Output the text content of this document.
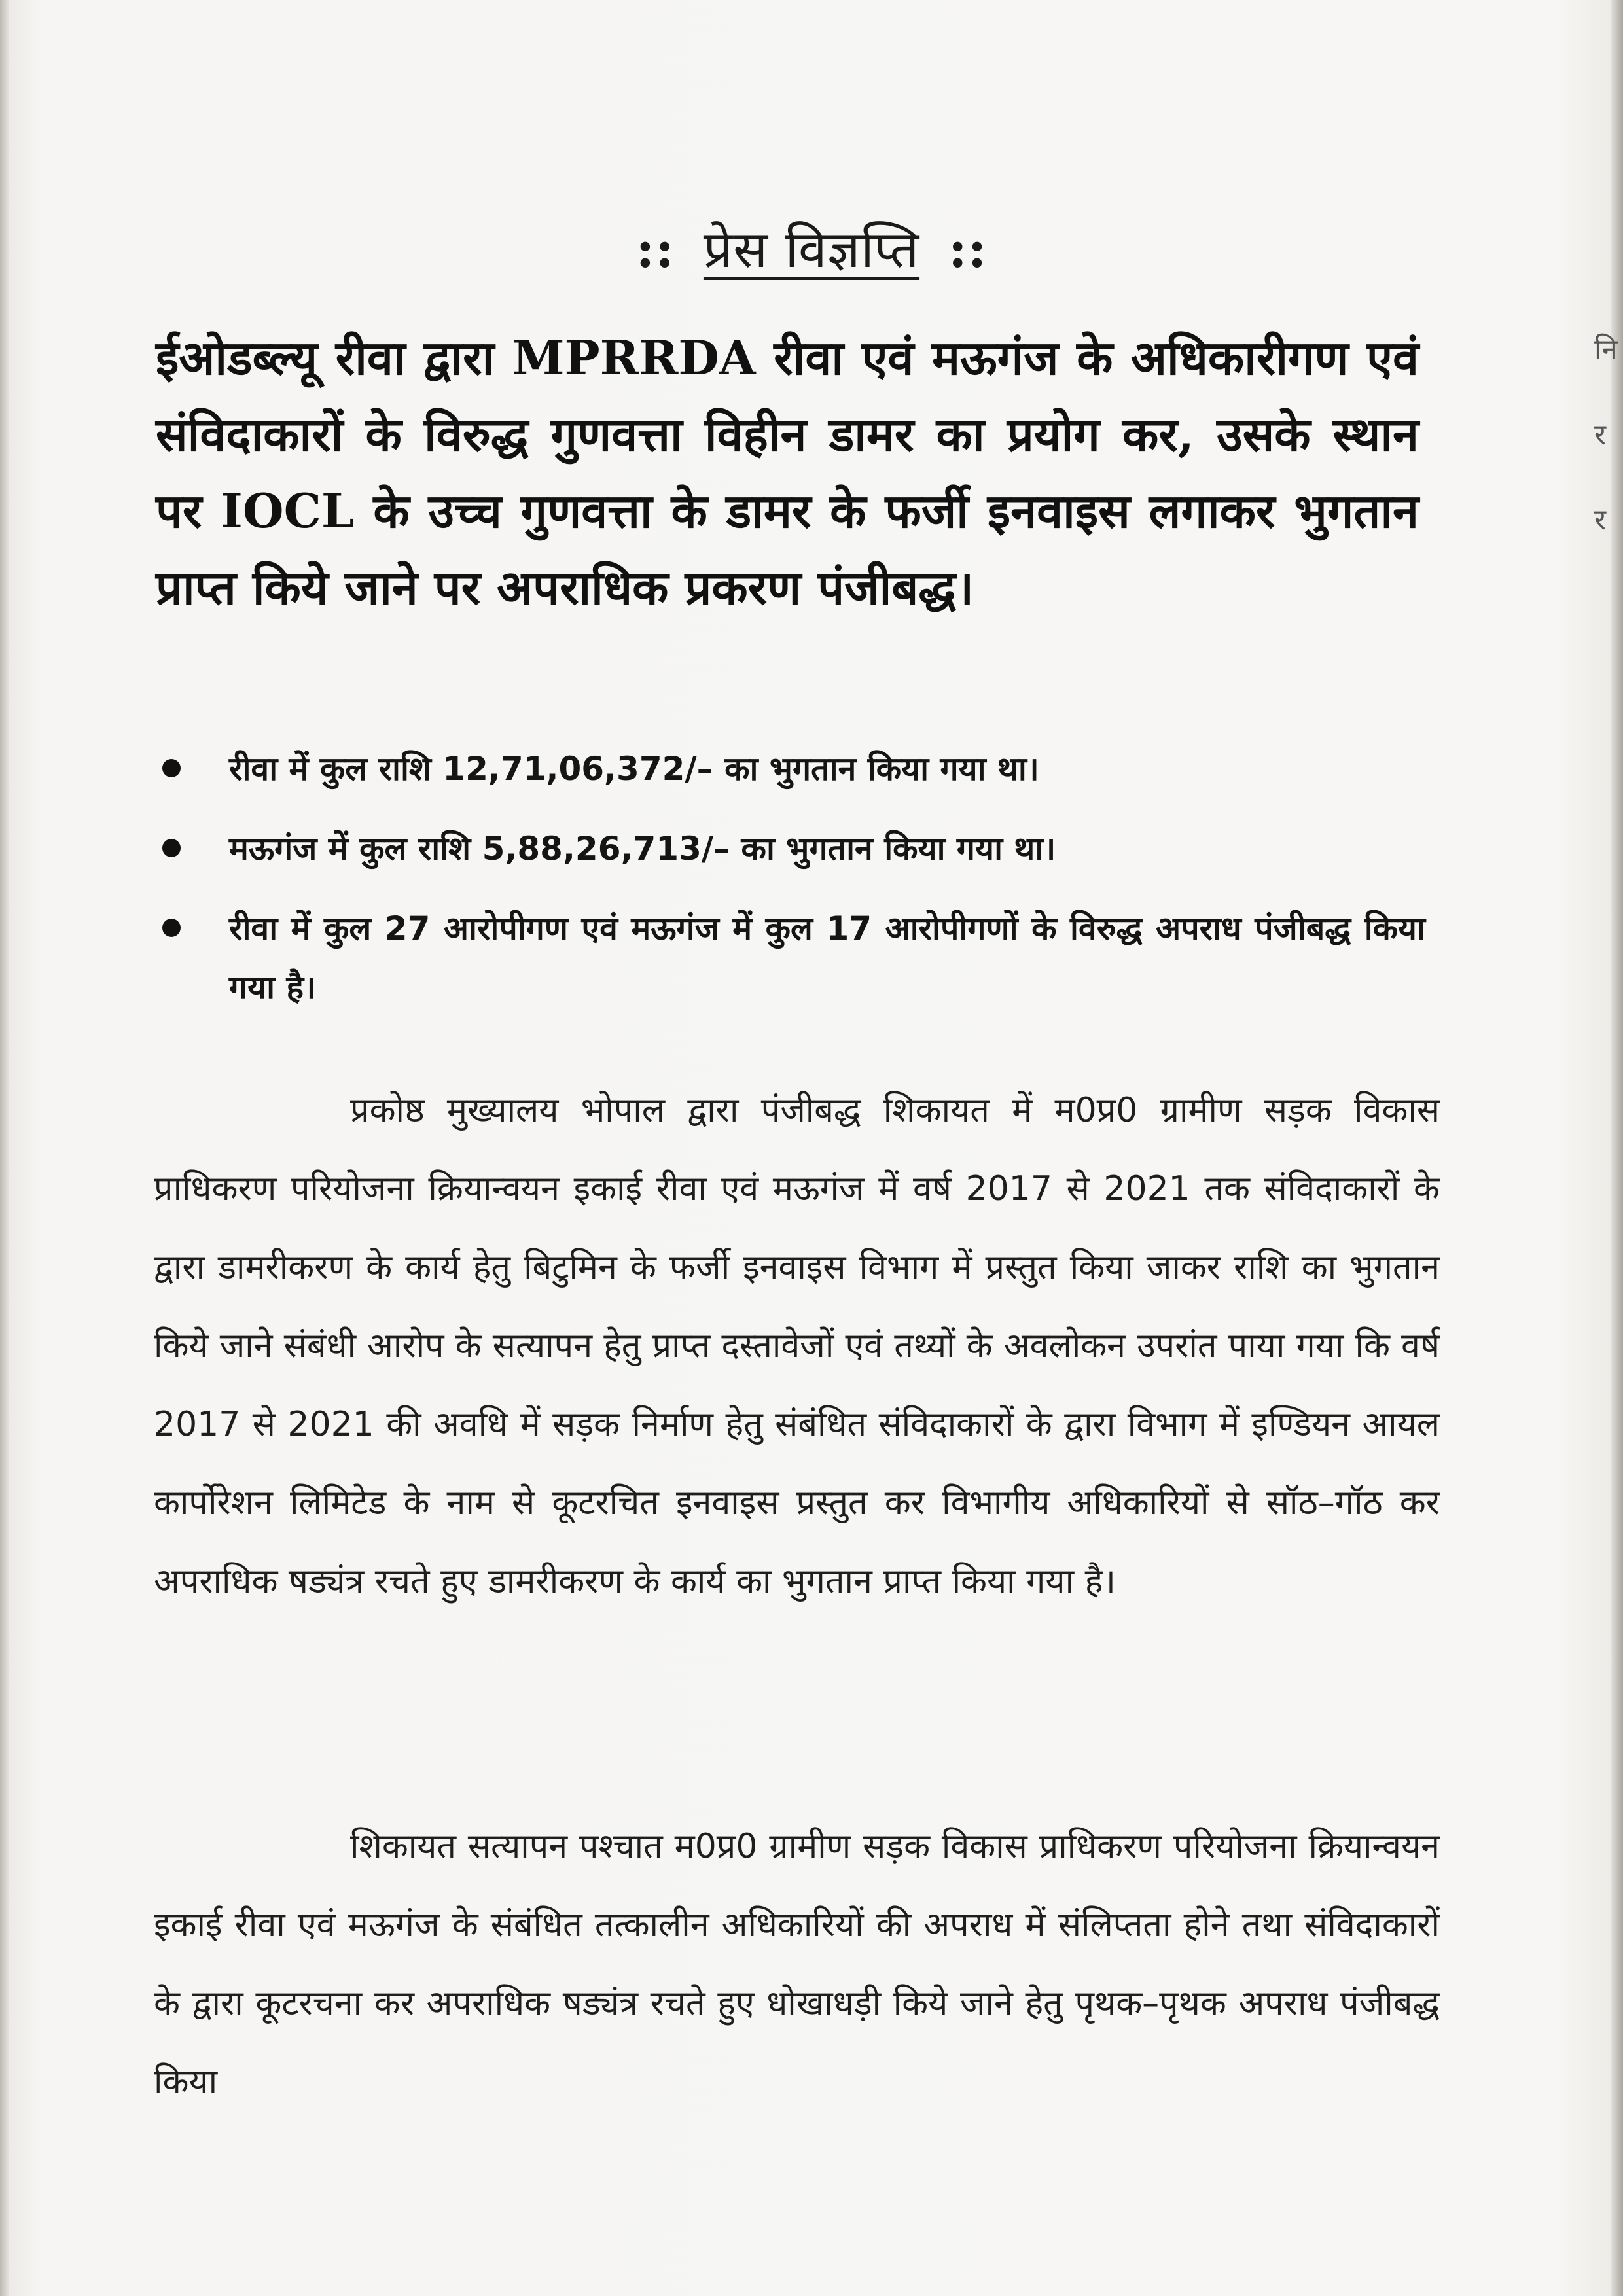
नि
र
र
:: प्रेस विज्ञप्ति ::
ईओडब्ल्यू रीवा द्वारा MPRRDA रीवा एवं मऊगंज के अधिकारीगण एवं संविदाकारों के विरुद्ध गुणवत्ता विहीन डामर का प्रयोग कर, उसके स्थान पर IOCL के उच्च गुणवत्ता के डामर के फर्जी इनवाइस लगाकर भुगतान प्राप्त किये जाने पर अपराधिक प्रकरण पंजीबद्ध।
रीवा में कुल राशि 12,71,06,372/– का भुगतान किया गया था।
मऊगंज में कुल राशि 5,88,26,713/– का भुगतान किया गया था।
रीवा में कुल 27 आरोपीगण एवं मऊगंज में कुल 17 आरोपीगणों के विरुद्ध अपराध पंजीबद्ध किया गया है।

प्रकोष्ठ मुख्यालय भोपाल द्वारा पंजीबद्ध शिकायत में म0प्र0 ग्रामीण सड़क विकास प्राधिकरण परियोजना क्रियान्वयन इकाई रीवा एवं मऊगंज में वर्ष 2017 से 2021 तक संविदाकारों के द्वारा डामरीकरण के कार्य हेतु बिटुमिन के फर्जी इनवाइस विभाग में प्रस्तुत किया जाकर राशि का भुगतान किये जाने संबंधी आरोप के सत्यापन हेतु प्राप्त दस्तावेजों एवं तथ्यों के अवलोकन उपरांत पाया गया कि वर्ष 2017 से 2021 की अवधि में सड़क निर्माण हेतु संबंधित संविदाकारों के द्वारा विभाग में इण्डियन आयल कार्पोरेशन लिमिटेड के नाम से कूटरचित इनवाइस प्रस्तुत कर विभागीय अधिकारियों से सॉठ–गॉठ कर अपराधिक षड्यंत्र रचते हुए डामरीकरण के कार्य का भुगतान प्राप्त किया गया है।

शिकायत सत्यापन पश्चात म0प्र0 ग्रामीण सड़क विकास प्राधिकरण परियोजना क्रियान्वयन इकाई रीवा एवं मऊगंज के संबंधित तत्कालीन अधिकारियों की अपराध में संलिप्तता होने तथा संविदाकारों के द्वारा कूटरचना कर अपराधिक षड्यंत्र रचते हुए धोखाधड़ी किये जाने हेतु पृथक–पृथक अपराध पंजीबद्ध किया
